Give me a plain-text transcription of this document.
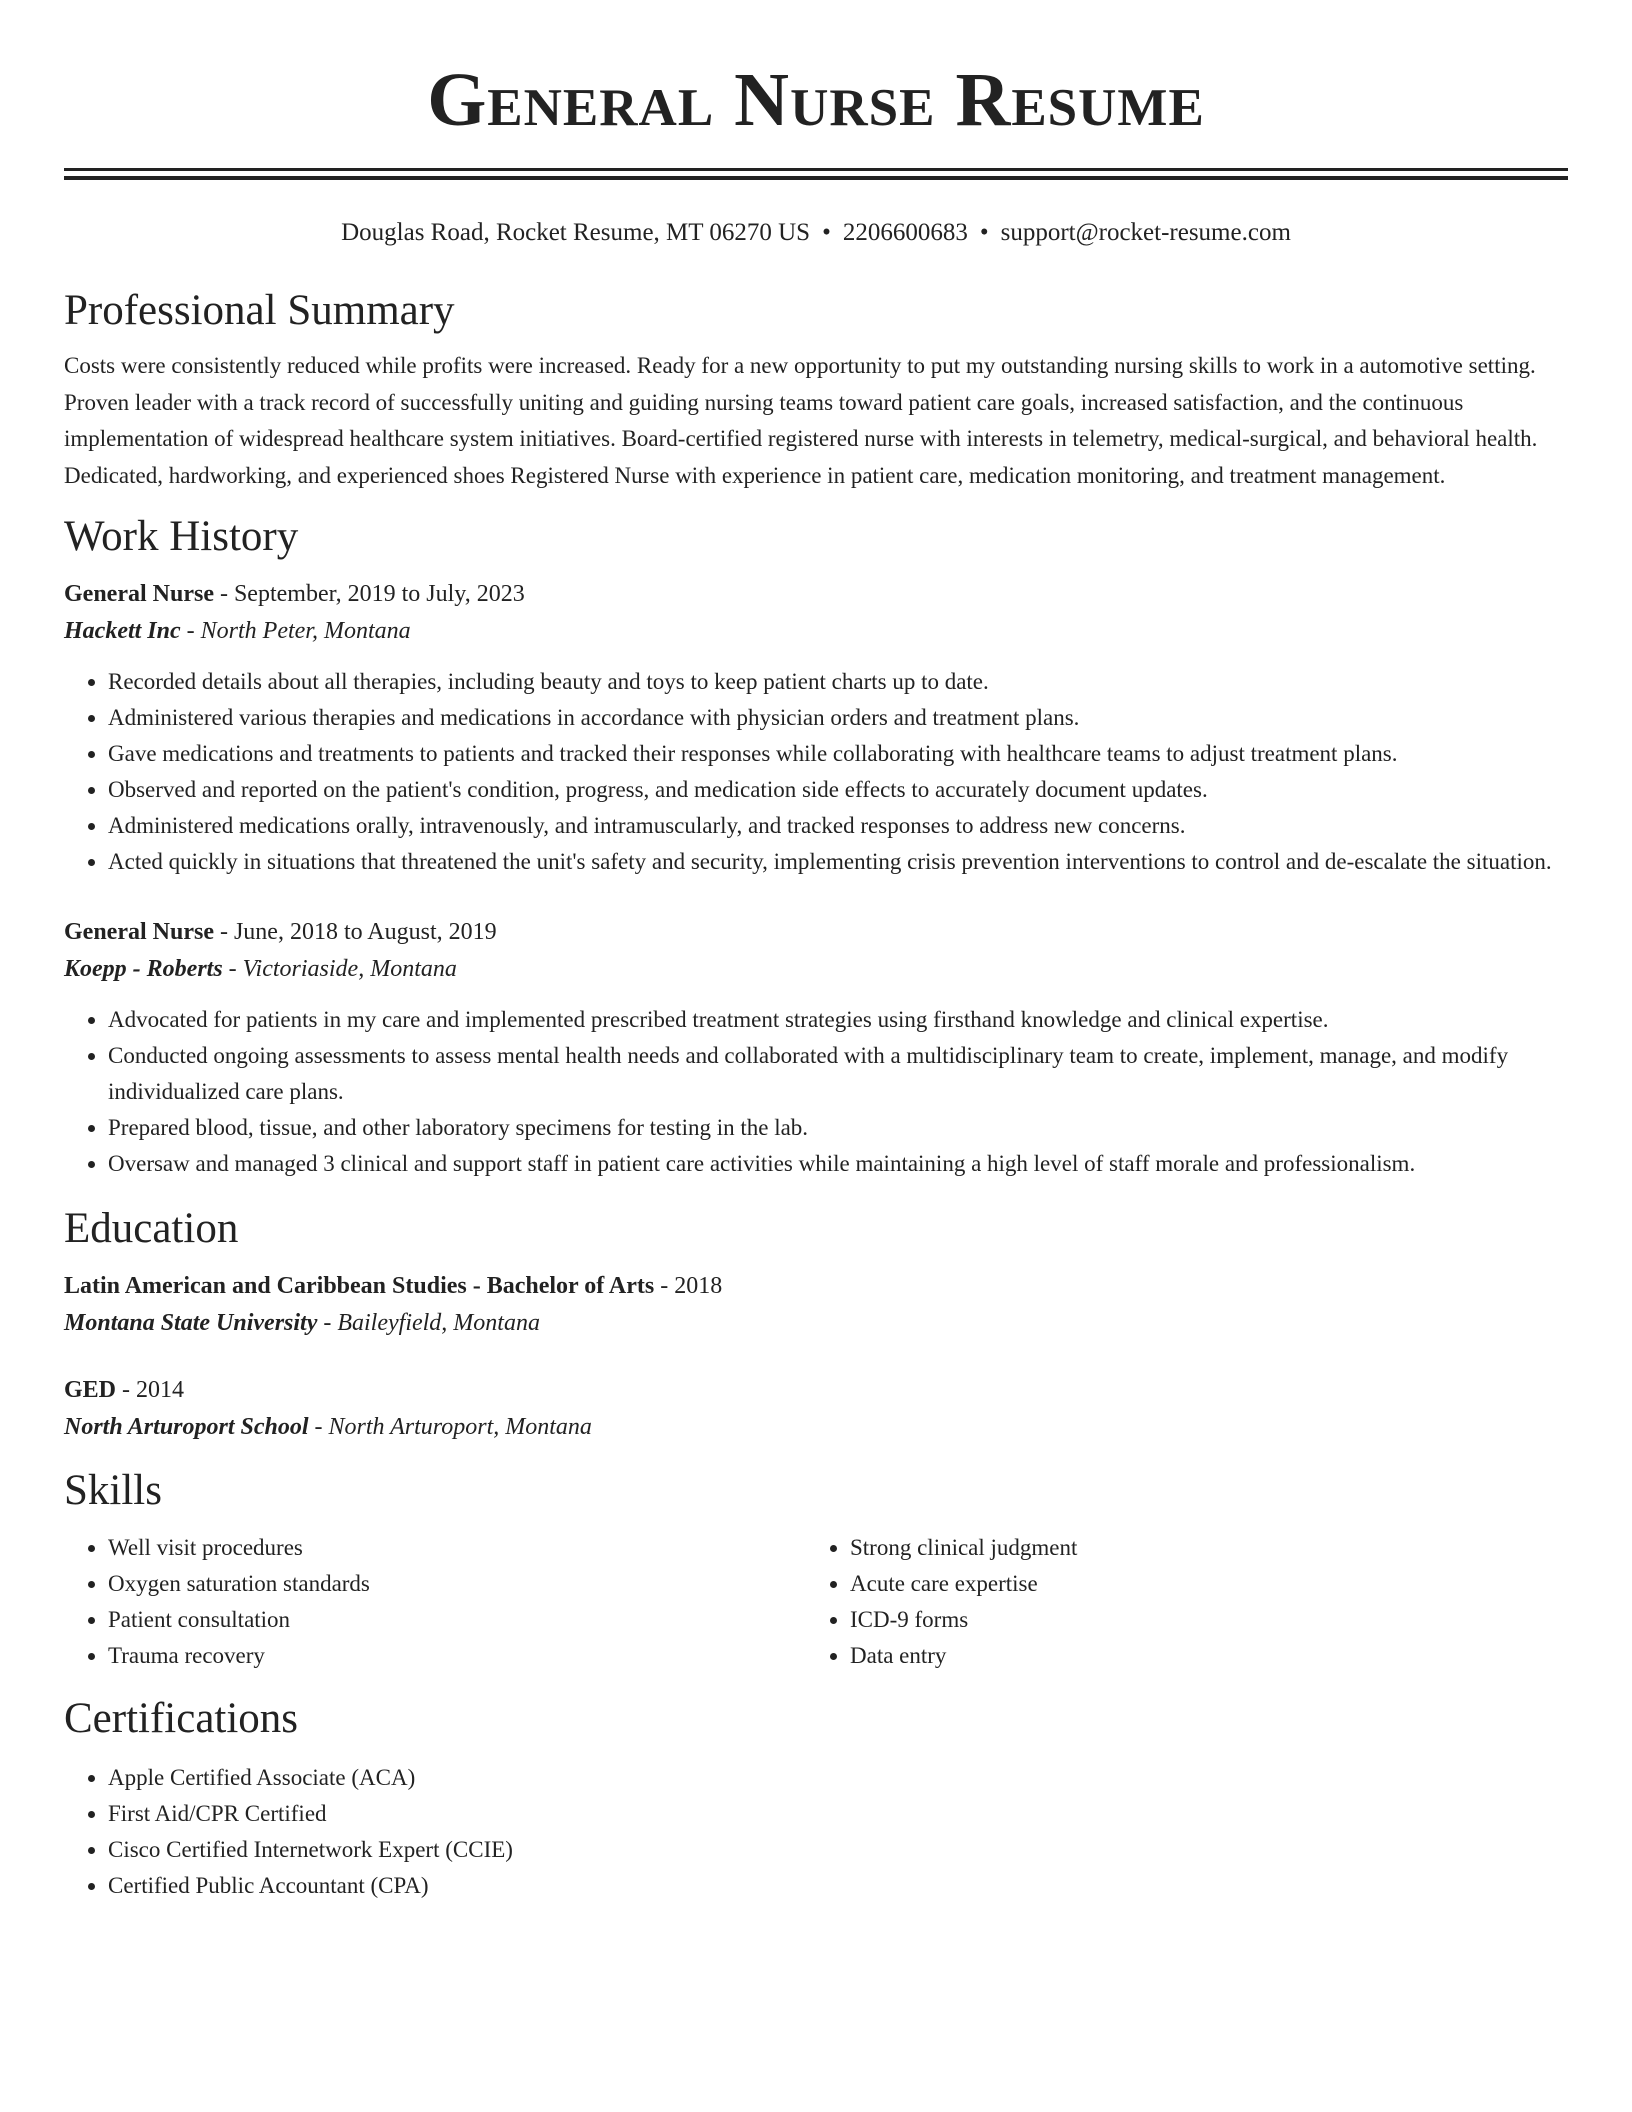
General Nurse Resume
Douglas Road, Rocket Resume, MT 06270 US • 2206600683 • support@rocket-resume.com
Professional Summary

Costs were consistently reduced while profits were increased. Ready for a new opportunity to put my outstanding nursing skills to work in a automotive setting. Proven leader with a track record of successfully uniting and guiding nursing teams toward patient care goals, increased satisfaction, and the continuous implementation of widespread healthcare system initiatives. Board-certified registered nurse with interests in telemetry, medical-surgical, and behavioral health. Dedicated, hardworking, and experienced shoes Registered Nurse with experience in patient care, medication monitoring, and treatment management.

Work History
General Nurse - September, 2019 to July, 2023
Hackett Inc - North Peter, Montana
• Recorded details about all therapies, including beauty and toys to keep patient charts up to date.
• Administered various therapies and medications in accordance with physician orders and treatment plans.
• Gave medications and treatments to patients and tracked their responses while collaborating with healthcare teams to adjust treatment plans.
• Observed and reported on the patient's condition, progress, and medication side effects to accurately document updates.
• Administered medications orally, intravenously, and intramuscularly, and tracked responses to address new concerns.
• Acted quickly in situations that threatened the unit's safety and security, implementing crisis prevention interventions to control and de-escalate the situation.
General Nurse - June, 2018 to August, 2019
Koepp - Roberts - Victoriaside, Montana
• Advocated for patients in my care and implemented prescribed treatment strategies using firsthand knowledge and clinical expertise.
• Conducted ongoing assessments to assess mental health needs and collaborated with a multidisciplinary team to create, implement, manage, and modify individualized care plans.
• Prepared blood, tissue, and other laboratory specimens for testing in the lab.
• Oversaw and managed 3 clinical and support staff in patient care activities while maintaining a high level of staff morale and professionalism.
Education
Latin American and Caribbean Studies - Bachelor of Arts - 2018
Montana State University - Baileyfield, Montana
GED - 2014
North Arturoport School - North Arturoport, Montana
Skills
• Well visit procedures
• Oxygen saturation standards
• Patient consultation
• Trauma recovery
• Strong clinical judgment
• Acute care expertise
• ICD-9 forms
• Data entry
Certifications
• Apple Certified Associate (ACA)
• First Aid/CPR Certified
• Cisco Certified Internetwork Expert (CCIE)
• Certified Public Accountant (CPA)
